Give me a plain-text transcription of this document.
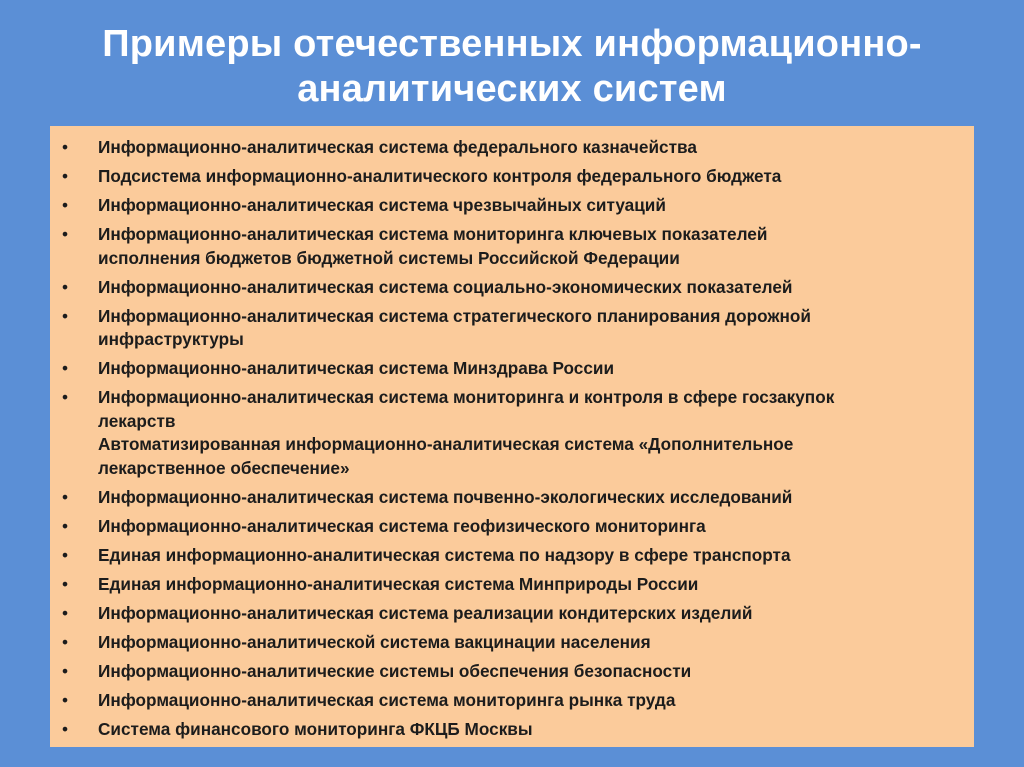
Примеры отечественных информационно-
аналитических систем
•	Информационно-аналитическая система федерального казначейства
•	Подсистема информационно-аналитического контроля федерального бюджета
•	Информационно-аналитическая система чрезвычайных ситуаций
•	Информационно-аналитическая система мониторинга ключевых показателей
исполнения бюджетов бюджетной системы Российской Федерации
•	Информационно-аналитическая система социально-экономических показателей
•	Информационно-аналитическая система стратегического планирования дорожной
инфраструктуры
•	Информационно-аналитическая система Минздрава России
•	Информационно-аналитическая система мониторинга и контроля в сфере госзакупок
лекарств
Автоматизированная информационно-аналитическая система «Дополнительное
лекарственное обеспечение»
•	Информационно-аналитическая система почвенно-экологических исследований
•	Информационно-аналитическая система геофизического мониторинга
•	Единая информационно-аналитическая система по надзору в сфере транспорта
•	Единая информационно-аналитическая система Минприроды России
•	Информационно-аналитическая система реализации кондитерских изделий
•	Информационно-аналитической система вакцинации населения
•	Информационно-аналитические системы обеспечения безопасности
•	Информационно-аналитическая система мониторинга рынка труда
•	Система финансового мониторинга ФКЦБ Москвы
